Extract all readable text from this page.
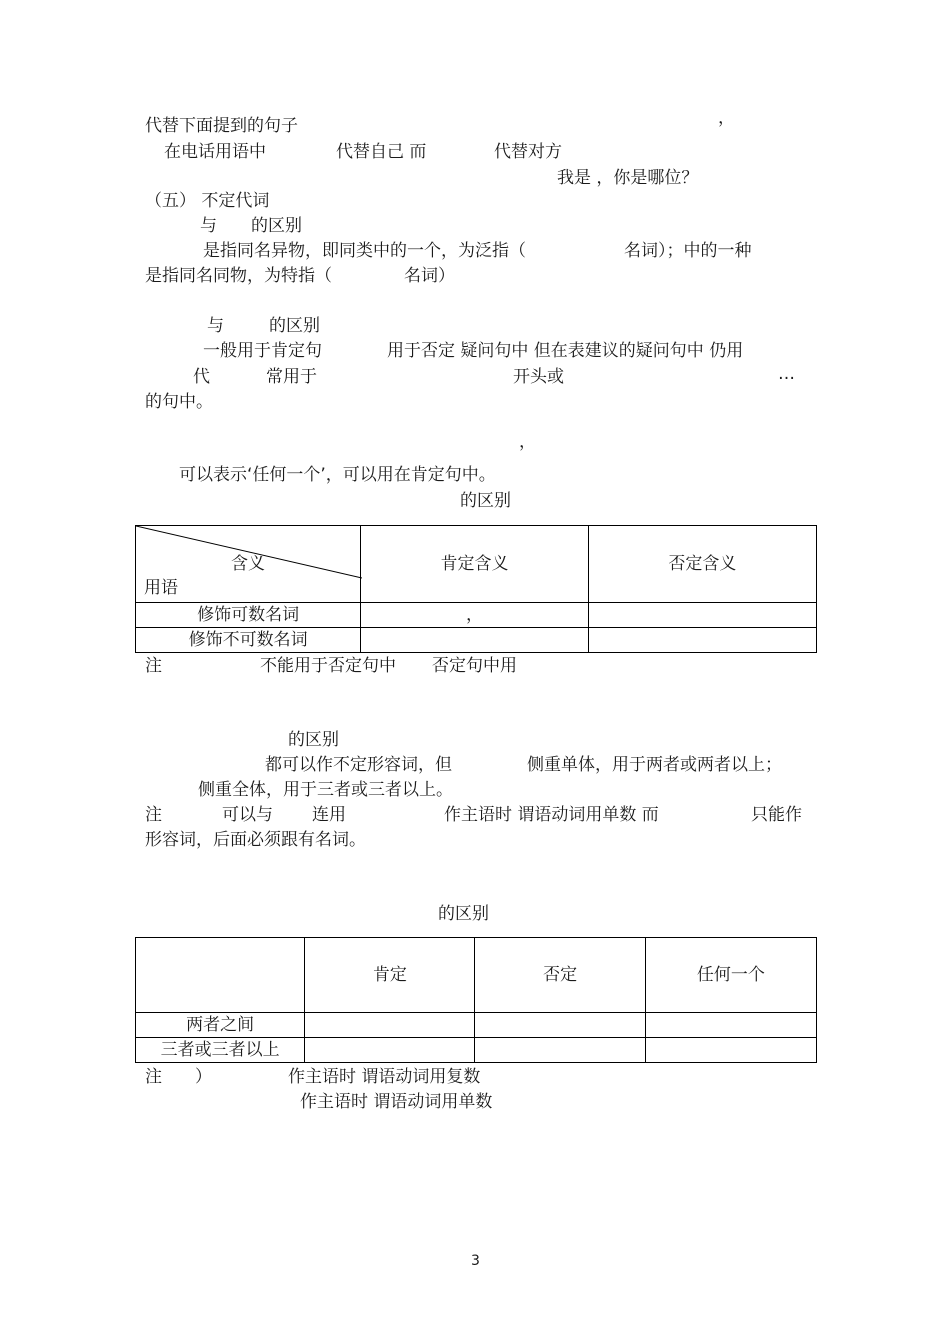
代替下面提到的句子	，
在电话用语中	代替自己 而	代替对方
我是 ，你是哪位？
（五） 不定代词
与 的区别
是指同名异物，即同类中的一个，为泛指（	名词）；中的一种
是指同名同物，为特指（	名词）
与	的区别
一般用于肯定句	用于否定 疑问句中 但在表建议的疑问句中 仍用
代	常用于	开头或	…
的句中。
，
可以表示‘任何一个’，可以用在肯定句中。
的区别
含义
用语	肯定含义	否定含义
修饰可数名词	，	
修饰不可数名词		
注	不能用于否定句中 否定句中用
的区别
都可以作不定形容词，但	侧重单体，用于两者或两者以上；
侧重全体，用于三者或三者以上。
注	可以与 连用	作主语时 谓语动词用单数 而	只能作
形容词，后面必须跟有名词。
的区别
	肯定	否定	任何一个
两者之间			
三者或三者以上			
注 ）	作主语时 谓语动词用复数
作主语时 谓语动词用单数
3
